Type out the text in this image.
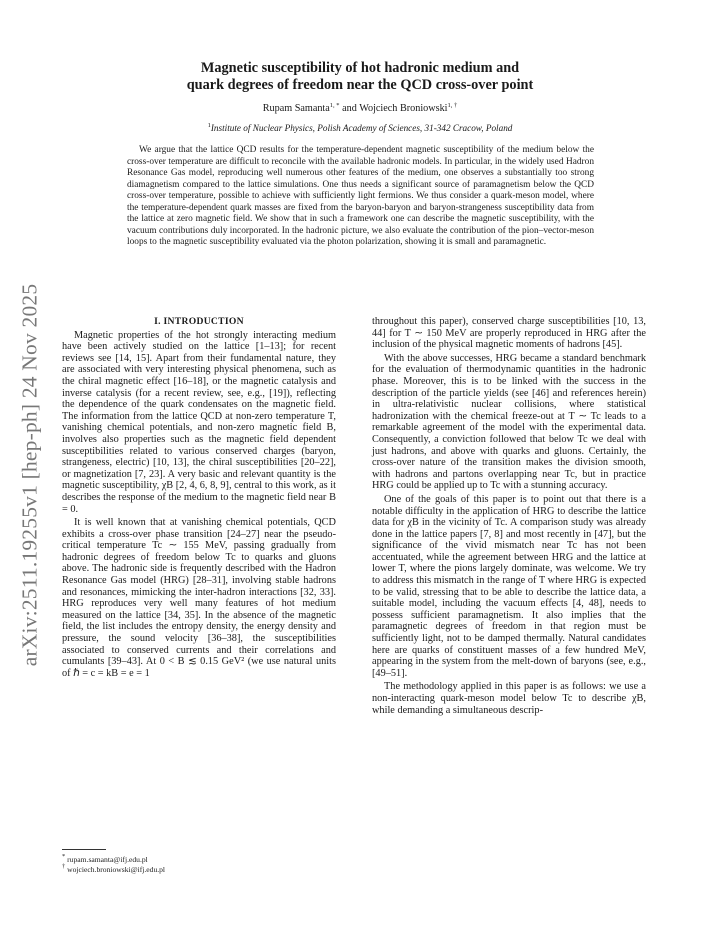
arXiv:2511.19255v1 [hep-ph] 24 Nov 2025
Magnetic susceptibility of hot hadronic medium and
quark degrees of freedom near the QCD cross-over point
Rupam Samanta$^{1, *}$ and Wojciech Broniowski$^{1, \dagger}$
$^1$Institute of Nuclear Physics, Polish Academy of Sciences, 31-342 Cracow, Poland

We argue that the lattice QCD results for the temperature-dependent magnetic susceptibility of the medium below the cross-over temperature are difficult to reconcile with the available hadronic models. In particular, in the widely used Hadron Resonance Gas model, reproducing well numerous other features of the medium, one observes a substantially too strong diamagnetism compared to the lattice simulations. One thus needs a significant source of paramagnetism below the QCD cross-over temperature, possible to achieve with sufficiently light fermions. We thus consider a quark-meson model, where the temperature-dependent quark masses are fixed from the baryon-baryon and baryon-strangeness susceptibility data from the lattice at zero magnetic field. We show that in such a framework one can describe the magnetic susceptibility, with the vacuum contributions duly incorporated. In the hadronic picture, we also evaluate the contribution of the pion–vector-meson loops to the magnetic susceptibility evaluated via the photon polarization, showing it is small and paramagnetic.

I. INTRODUCTION

Magnetic properties of the hot strongly interacting medium have been actively studied on the lattice [1–13]; for recent reviews see [14, 15]. Apart from their fundamental nature, they are associated with very interesting physical phenomena, such as the chiral magnetic effect [16–18], or the magnetic catalysis and inverse catalysis (for a recent review, see, e.g., [19]), reflecting the dependence of the quark condensates on the magnetic field. The information from the lattice QCD at non-zero temperature T, vanishing chemical potentials, and non-zero magnetic field B, involves also properties such as the magnetic field dependent susceptibilities related to various conserved charges (baryon, strangeness, electric) [10, 13], the chiral susceptibilities [20–22], or magnetization [7, 23]. A very basic and relevant quantity is the magnetic susceptibility, χB [2, 4, 6, 8, 9], central to this work, as it describes the response of the medium to the magnetic field near B = 0.

It is well known that at vanishing chemical potentials, QCD exhibits a cross-over phase transition [24–27] near the pseudo-critical temperature Tc ∼ 155 MeV, passing gradually from hadronic degrees of freedom below Tc to quarks and gluons above. The hadronic side is frequently described with the Hadron Resonance Gas model (HRG) [28–31], involving stable hadrons and resonances, mimicking the inter-hadron interactions [32, 33]. HRG reproduces very well many features of hot medium measured on the lattice [34, 35]. In the absence of the magnetic field, the list includes the entropy density, the energy density and pressure, the sound velocity [36–38], the susceptibilities associated to conserved currents and their correlations and cumulants [39–43]. At 0 < B ≲ 0.15 GeV² (we use natural units of ℏ = c = kB = e = 1

throughout this paper), conserved charge susceptibilities [10, 13, 44] for T ∼ 150 MeV are properly reproduced in HRG after the inclusion of the physical magnetic moments of hadrons [45].

With the above successes, HRG became a standard benchmark for the evaluation of thermodynamic quantities in the hadronic phase. Moreover, this is to be linked with the success in the description of the particle yields (see [46] and references herein) in ultra-relativistic nuclear collisions, where statistical hadronization with the chemical freeze-out at T ∼ Tc leads to a remarkable agreement of the model with the experimental data. Consequently, a conviction followed that below Tc we deal with just hadrons, and above with quarks and gluons. Certainly, the cross-over nature of the transition makes the division smooth, with hadrons and partons overlapping near Tc, but in practice HRG could be applied up to Tc with a stunning accuracy.

One of the goals of this paper is to point out that there is a notable difficulty in the application of HRG to describe the lattice data for χB in the vicinity of Tc. A comparison study was already done in the lattice papers [7, 8] and most recently in [47], but the significance of the vivid mismatch near Tc has not been accentuated, while the agreement between HRG and the lattice at lower T, where the pions largely dominate, was welcome. We try to address this mismatch in the range of T where HRG is expected to be valid, stressing that to be able to describe the lattice data, a suitable model, including the vacuum effects [4, 48], needs to possess sufficient paramagnetism. It also implies that the paramagnetic degrees of freedom in that region must be sufficiently light, not to be damped thermally. Natural candidates here are quarks of constituent masses of a few hundred MeV, appearing in the system from the melt-down of baryons (see, e.g., [49–51].

The methodology applied in this paper is as follows: we use a non-interacting quark-meson model below Tc to describe χB, while demanding a simultaneous descrip-

* rupam.samanta@ifj.edu.pl
† wojciech.broniowski@ifj.edu.pl
